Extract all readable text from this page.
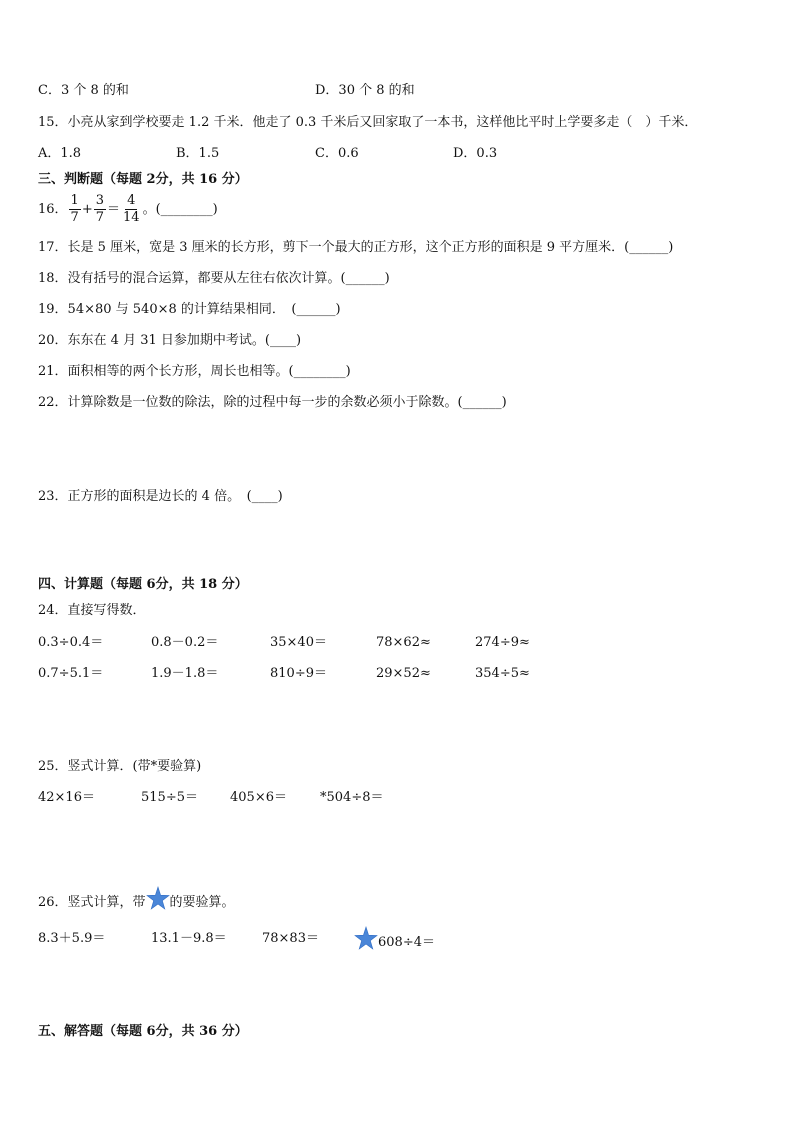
C．3 个 8 的和	D．30 个 8 的和
15．小亮从家到学校要走 1.2 千米．他走了 0.3 千米后又回家取了一本书，这样他比平时上学要多走（　）千米．
A．1.8	B．1.5	C．0.6	D．0.3
三、判断题（每题 2分，共 16 分）
16． $\frac{1}{7} + \frac{3}{7} = \frac{4}{14}$ 。(________)
17．长是 5 厘米，宽是 3 厘米的长方形，剪下一个最大的正方形，这个正方形的面积是 9 平方厘米．(______)
18．没有括号的混合运算，都要从左往右依次计算。(______)
19．54×80 与 540×8 的计算结果相同．　(______)
20．东东在 4 月 31 日参加期中考试。(____)
21．面积相等的两个长方形，周长也相等。(________)
22．计算除数是一位数的除法，除的过程中每一步的余数必须小于除数。(______)
23．正方形的面积是边长的 4 倍。　(____)
四、计算题（每题 6分，共 18 分）
24．直接写得数．
0.3÷0.4＝	0.8－0.2＝	35×40＝	78×62≈	274÷9≈
0.7÷5.1＝	1.9－1.8＝	810÷9＝	29×52≈	354÷5≈
25．竖式计算．(带*要验算)
42×16＝	515÷5＝ 405×6＝	*504÷8＝
26．竖式计算，带 的要验算。
8.3＋5.9＝	13.1－9.8＝	78×83＝	608÷4＝
五、解答题（每题 6分，共 36 分）
